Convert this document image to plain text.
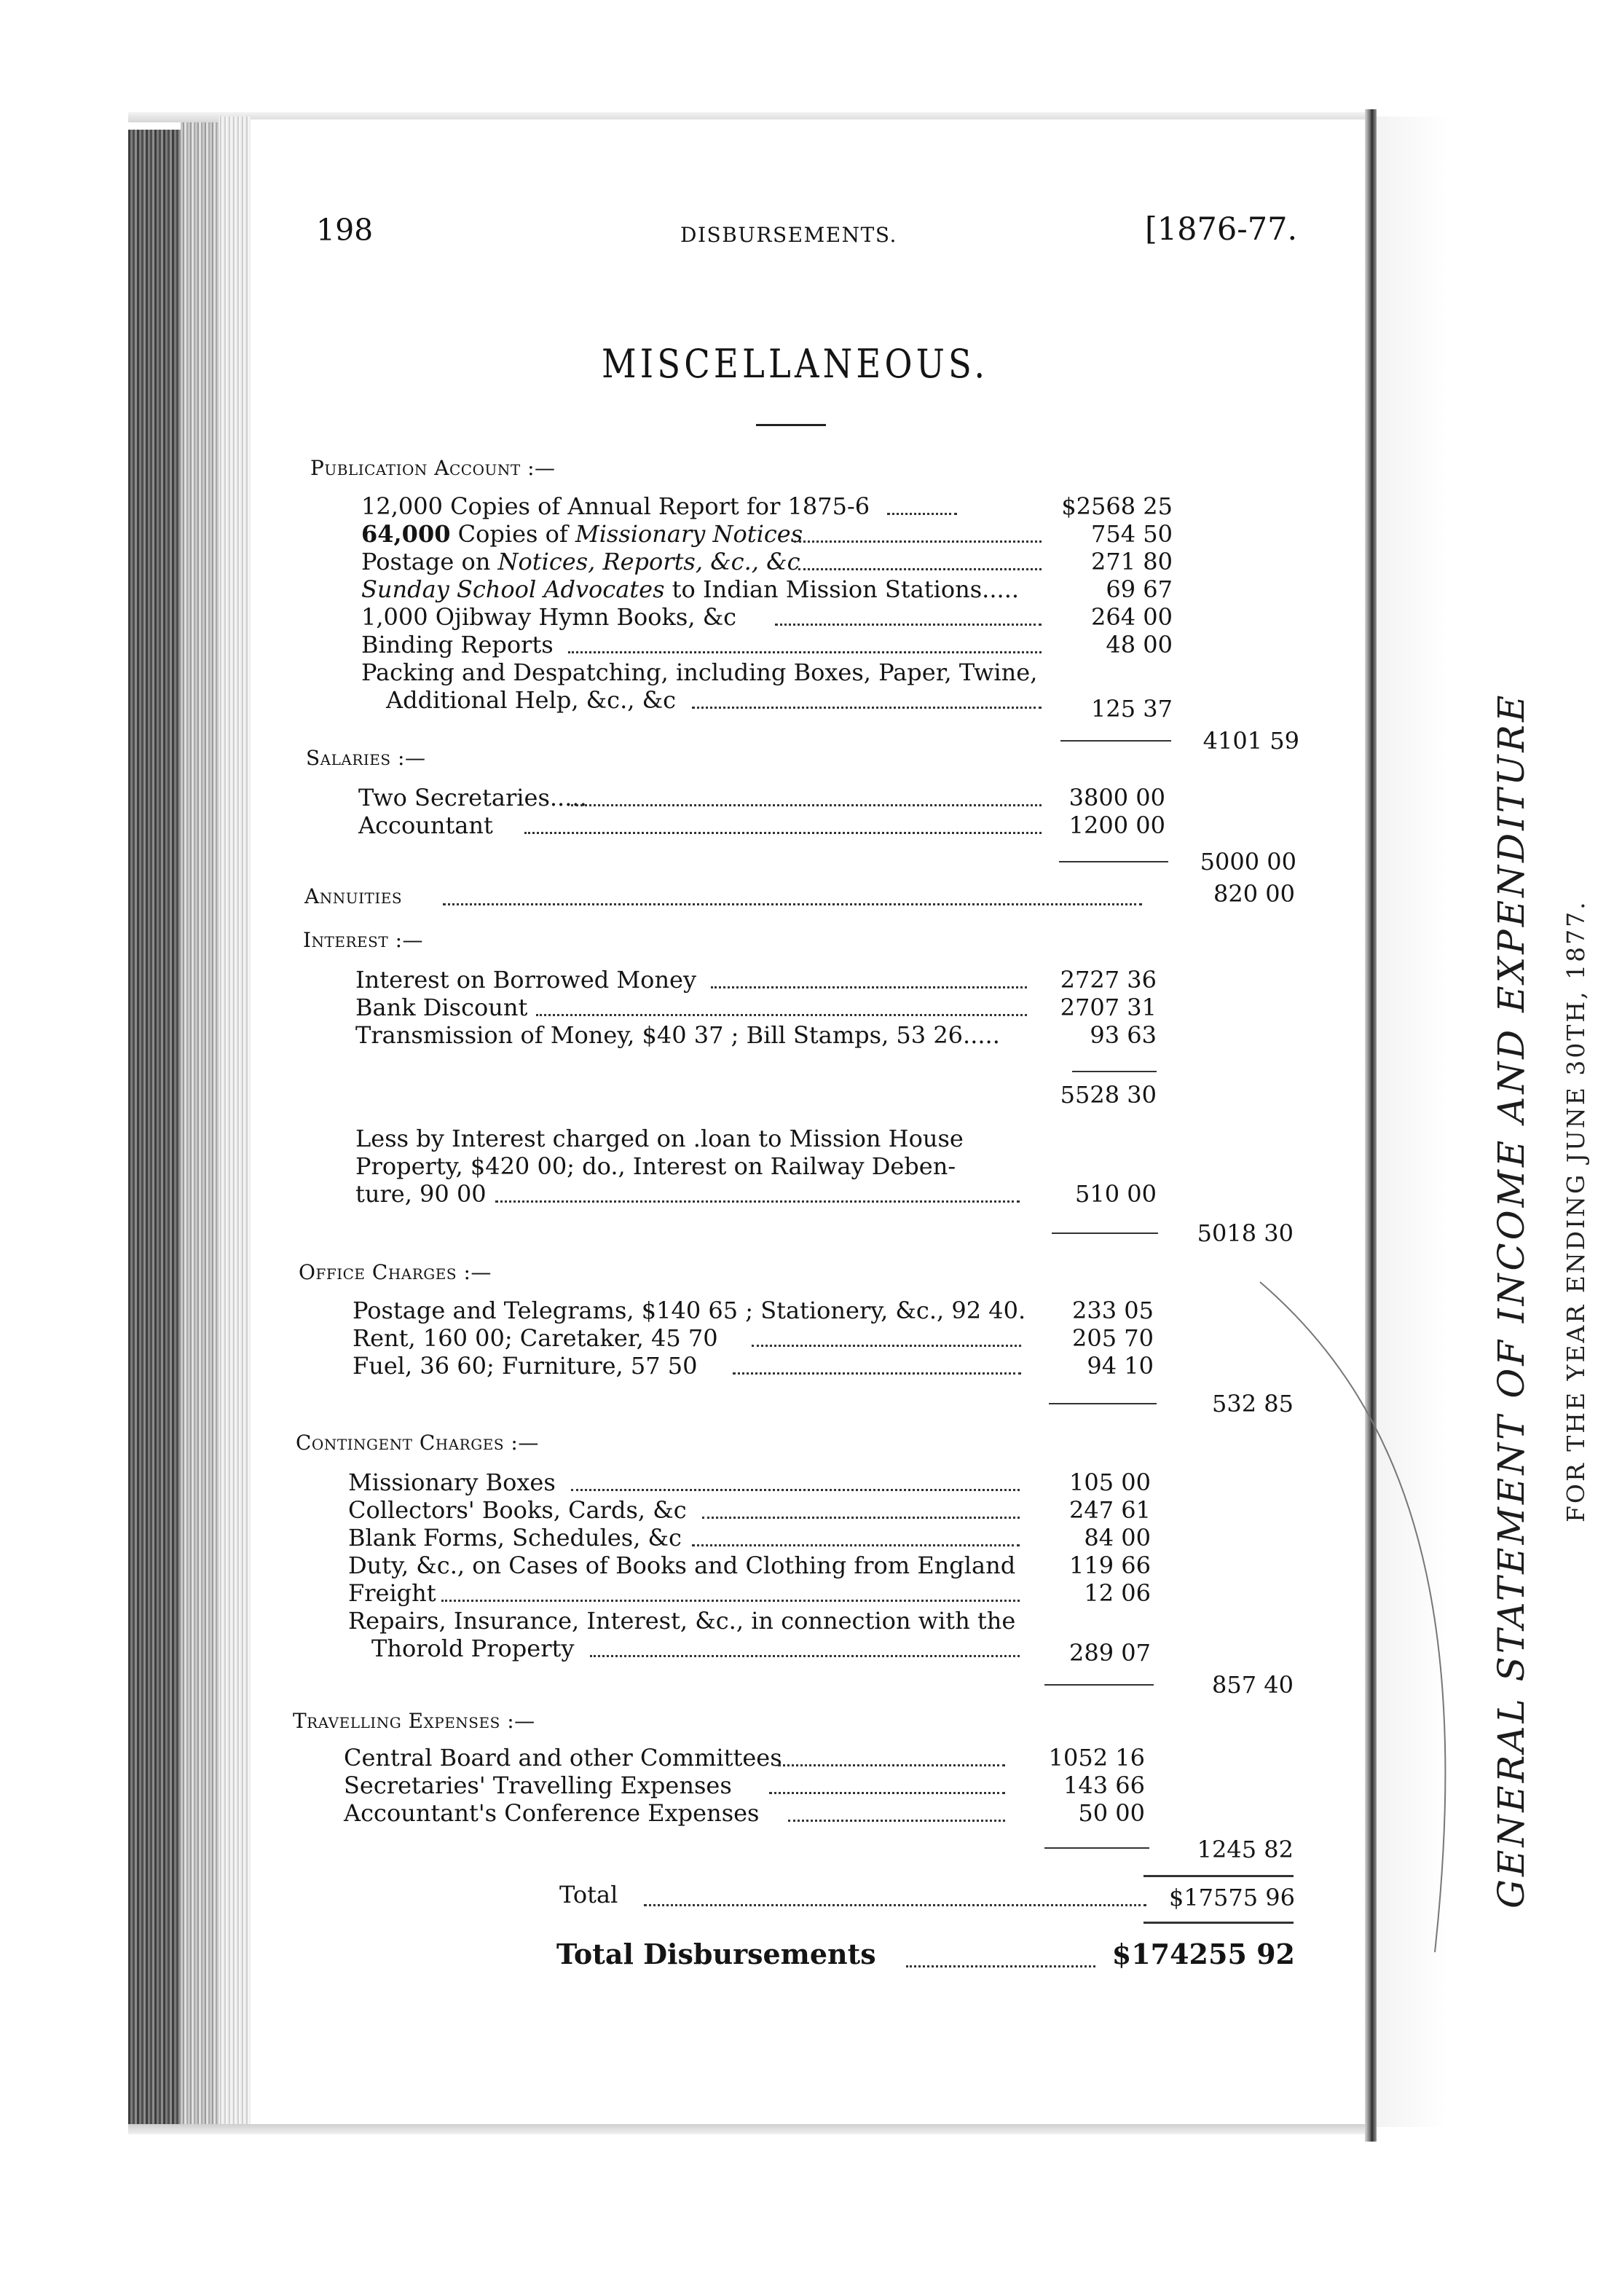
198	DISBURSEMENTS.	[1876-77.
MISCELLANEOUS.
Publication Account :—
12,000 Copies of Annual Report for 1875-6	$2568 25
64,000 Copies of Missionary Notices	754 50
Postage on Notices, Reports, &c., &c	271 80
Sunday School Advocates to Indian Mission Stations.....	69 67
1,000 Ojibway Hymn Books, &c	264 00
Binding Reports	48 00
Packing and Despatching, including Boxes, Paper, Twine,
Additional Help, &c., &c	125 37
4101 59
Salaries :—
Two Secretaries.....	3800 00
Accountant	1200 00
5000 00
Annuities	820 00
Interest :—
Interest on Borrowed Money	2727 36
Bank Discount	2707 31
Transmission of Money, $40 37 ; Bill Stamps, 53 26.....	93 63
5528 30
Less by Interest charged on .loan to Mission House
Property, $420 00; do., Interest on Railway Deben-
ture, 90 00	510 00
5018 30
Office Charges :—
Postage and Telegrams, $140 65 ; Stationery, &c., 92 40.	233 05
Rent, 160 00; Caretaker, 45 70	205 70
Fuel, 36 60; Furniture, 57 50	94 10
532 85
Contingent Charges :—
Missionary Boxes	105 00
Collectors' Books, Cards, &c	247 61
Blank Forms, Schedules, &c	84 00
Duty, &c., on Cases of Books and Clothing from England	119 66
Freight	12 06
Repairs, Insurance, Interest, &c., in connection with the
Thorold Property	289 07
857 40
Travelling Expenses :—
Central Board and other Committees	1052 16
Secretaries' Travelling Expenses	143 66
Accountant's Conference Expenses	50 00
1245 82
Total	$17575 96
Total Disbursements	$174255 92
GENERAL STATEMENT OF INCOME AND EXPENDITURE FOR THE YEAR ENDING JUNE 30TH, 1877.
